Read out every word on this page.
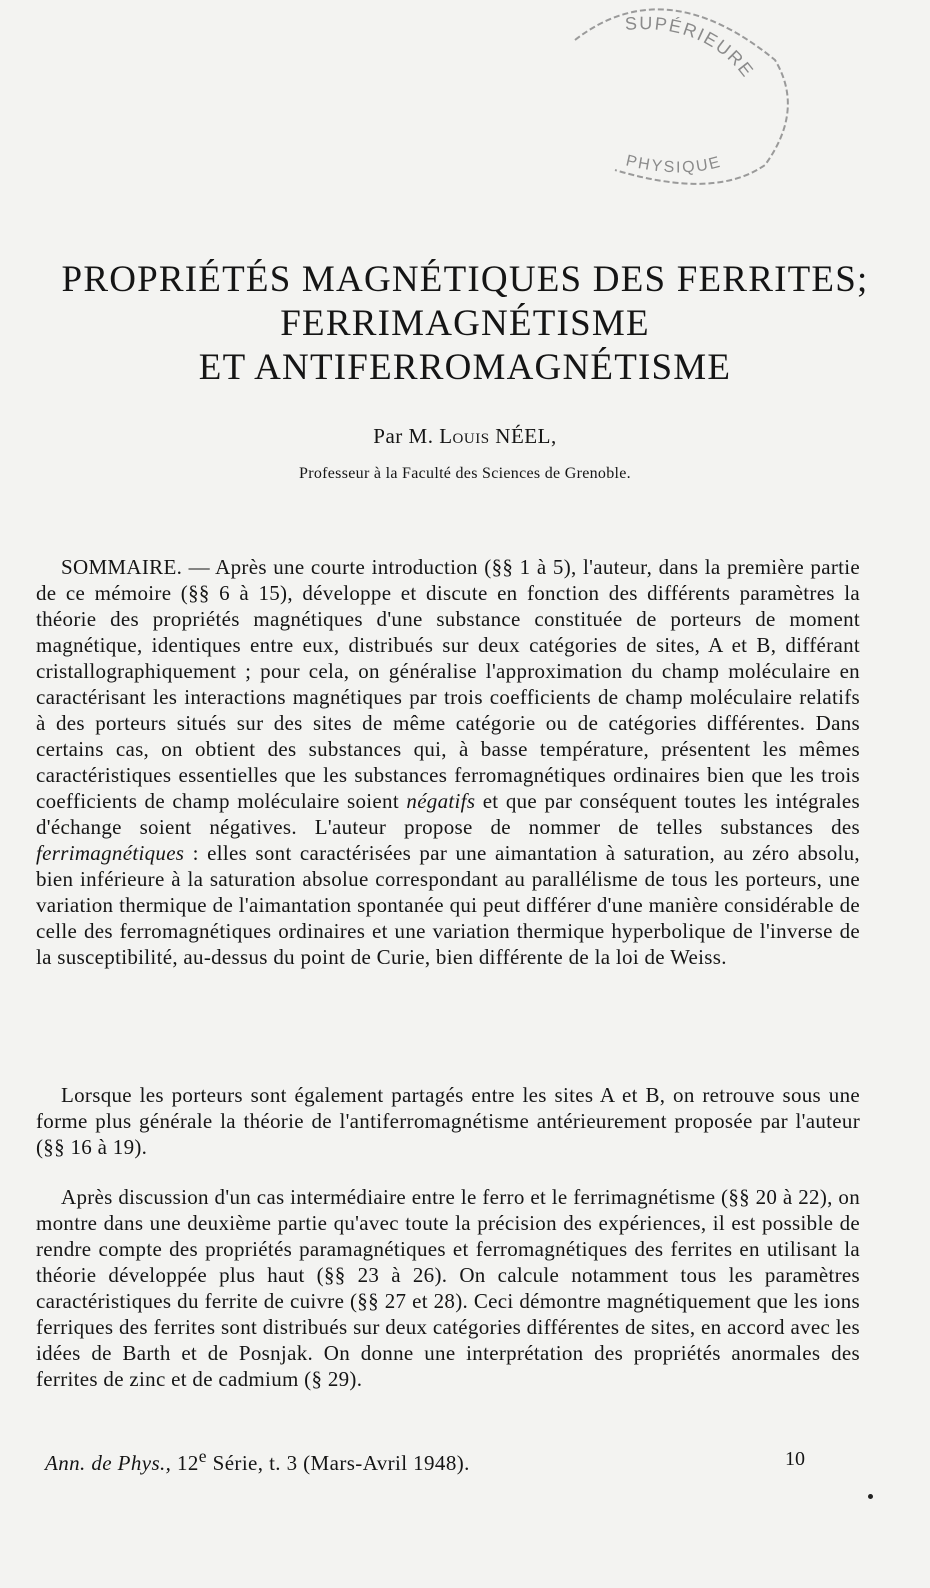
SUPÉRIEURE
PHYSIQUE
PROPRIÉTÉS MAGNÉTIQUES DES FERRITES;
FERRIMAGNÉTISME
ET ANTIFERROMAGNÉTISME
Par M. Louis NÉEL,
Professeur à la Faculté des Sciences de Grenoble.
SOMMAIRE. — Après une courte introduction (§§ 1 à 5), l'auteur, dans la première partie de ce mémoire (§§ 6 à 15), développe et discute en fonction des différents paramètres la théorie des propriétés magnétiques d'une substance constituée de porteurs de moment magnétique, identiques entre eux, distribués sur deux catégories de sites, A et B, différant cristallographiquement ; pour cela, on généralise l'approximation du champ moléculaire en caractérisant les interactions magnétiques par trois coefficients de champ moléculaire relatifs à des porteurs situés sur des sites de même catégorie ou de catégories différentes. Dans certains cas, on obtient des substances qui, à basse température, présentent les mêmes caractéristiques essentielles que les substances ferromagnétiques ordinaires bien que les trois coefficients de champ moléculaire soient négatifs et que par conséquent toutes les intégrales d'échange soient négatives. L'auteur propose de nommer de telles substances des ferrimagnétiques : elles sont caractérisées par une aimantation à saturation, au zéro absolu, bien inférieure à la saturation absolue correspondant au parallélisme de tous les porteurs, une variation thermique de l'aimantation spontanée qui peut différer d'une manière considérable de celle des ferromagnétiques ordinaires et une variation thermique hyperbolique de l'inverse de la susceptibilité, au-dessus du point de Curie, bien différente de la loi de Weiss.
Lorsque les porteurs sont également partagés entre les sites A et B, on retrouve sous une forme plus générale la théorie de l'antiferromagnétisme antérieurement proposée par l'auteur (§§ 16 à 19).
Après discussion d'un cas intermédiaire entre le ferro et le ferrimagnétisme (§§ 20 à 22), on montre dans une deuxième partie qu'avec toute la précision des expériences, il est possible de rendre compte des propriétés paramagnétiques et ferromagnétiques des ferrites en utilisant la théorie développée plus haut (§§ 23 à 26). On calcule notamment tous les paramètres caractéristiques du ferrite de cuivre (§§ 27 et 28). Ceci démontre magnétiquement que les ions ferriques des ferrites sont distribués sur deux catégories différentes de sites, en accord avec les idées de Barth et de Posnjak. On donne une interprétation des propriétés anormales des ferrites de zinc et de cadmium (§ 29).
Ann. de Phys., 12e Série, t. 3 (Mars-Avril 1948).	10
